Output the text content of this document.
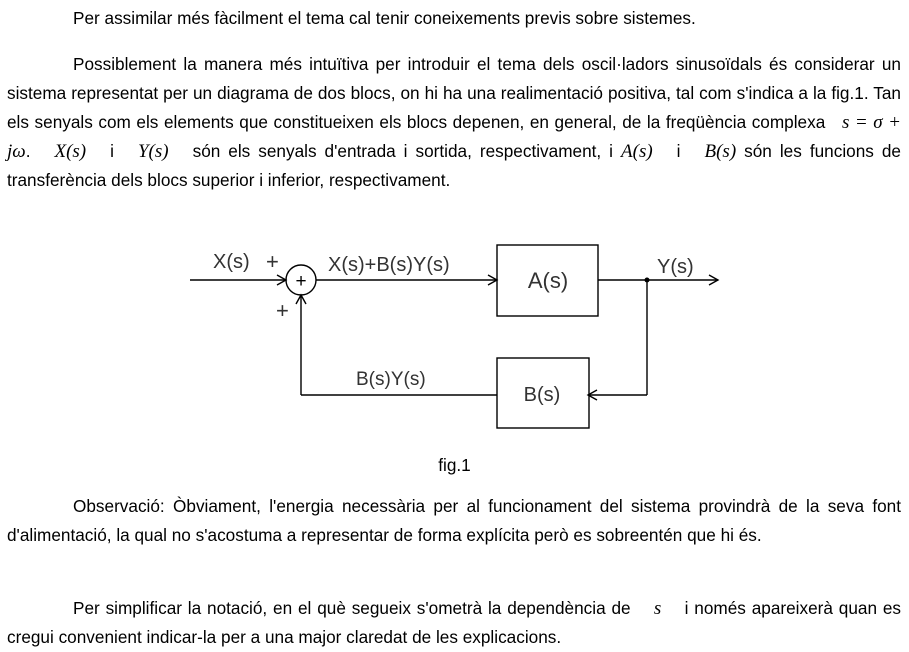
Per assimilar més fàcilment el tema cal tenir coneixements previs sobre sistemes.

Possiblement la manera més intuïtiva per introduir el tema dels oscil·ladors sinusoïdals és considerar un sistema representat per un diagrama de dos blocs, on hi ha una realimentació positiva, tal com s'indica a la fig.1. Tan els senyals com els elements que constitueixen els blocs depenen, en general, de la freqüència complexa s = σ + jω. X(s) i Y(s) són els senyals d'entrada i sortida, respectivament, i A(s) i B(s) són les funcions de transferència dels blocs superior i inferior, respectivament.

+	A(s)
B(s)
X(s) +
+
X(s)+B(s)Y(s)	Y(s)
B(s)Y(s)
fig.1

Observació: Òbviament, l'energia necessària per al funcionament del sistema provindrà de la seva font d'alimentació, la qual no s'acostuma a representar de forma explícita però es sobreentén que hi és.

Per simplificar la notació, en el què segueix s'ometrà la dependència de s i només apareixerà quan es cregui convenient indicar-la per a una major claredat de les explicacions.
